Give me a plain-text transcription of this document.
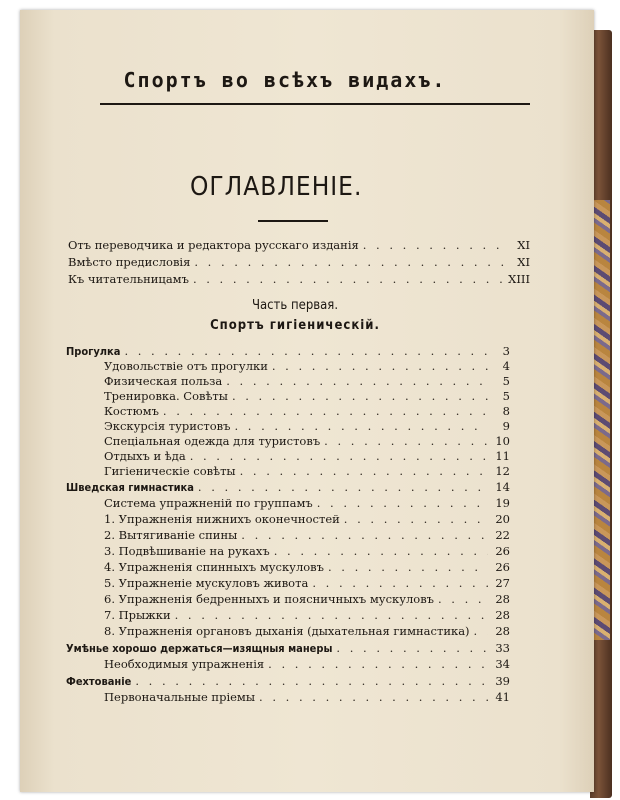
Спортъ во всѣхъ видахъ.
ОГЛАВЛЕНIЕ.
Отъ переводчика и редактора русскаго изданія . . .	XI
Вмѣсто предисловія . . .	XI
Къ читательницамъ . . .	XIII
Часть первая.
Спортъ гигіеническій.
Прогулка . . .	3
Удовольствіе отъ прогулки . . .	4
Физическая польза . . .	5
Тренировка. Совѣты . . .	5
Костюмъ . . .	8
Экскурсія туристовъ . . .	9
Спеціальная одежда для туристовъ . . .	10
Отдыхъ и ѣда . . .	11
Гигіеническіе совѣты . . .	12
Шведская гимнастика . . .	14
Система упражненій по группамъ . . .	19
1. Упражненія нижнихъ оконечностей . . .	20
2. Вытягиваніе спины . . .	22
3. Подвѣшиваніе на рукахъ . . .	26
4. Упражненія спинныхъ мускуловъ . . .	26
5. Упражненіе мускуловъ живота . . .	27
6. Упражненія бедренныхъ и поясничныхъ мускуловъ . . .	28
7. Прыжки . . .	28
8. Упражненія органовъ дыханія (дыхательная гимнастика) . . .	28
Умѣнье хорошо держаться—изящныя манеры . . .	33
Необходимыя упражненія . . .	34
Фехтованіе . . .	39
Первоначальные пріемы . . .	41
